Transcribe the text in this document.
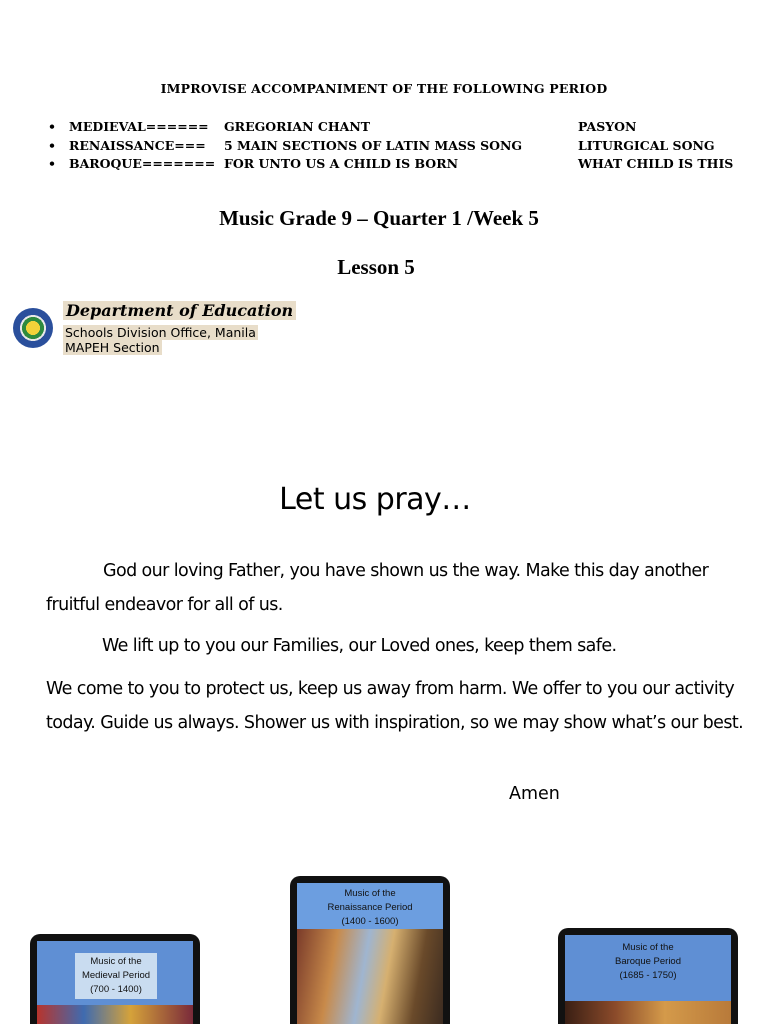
IMPROVISE ACCOMPANIMENT OF THE FOLLOWING PERIOD
• MEDIEVAL====== GREGORIAN CHANT	PASYON
• RENAISSANCE=== 5 MAIN SECTIONS OF LATIN MASS SONG	LITURGICAL SONG
• BAROQUE======= FOR UNTO US A CHILD IS BORN	WHAT CHILD IS THIS
Music Grade 9 – Quarter 1 /Week 5
Lesson 5
Department of Education
Schools Division Office, Manila
MAPEH Section
Let us pray…

God our loving Father, you have shown us the way. Make this day another fruitful endeavor for all of us.

We lift up to you our Families, our Loved ones, keep them safe.

We come to you to protect us, keep us away from harm. We offer to you our activity today. Guide us always. Shower us with inspiration, so we may show what’s our best.

Amen
Music of the
Medieval Period
(700 - 1400)
Music of the
Renaissance Period
(1400 - 1600)
Music of the
Baroque Period
(1685 - 1750)
